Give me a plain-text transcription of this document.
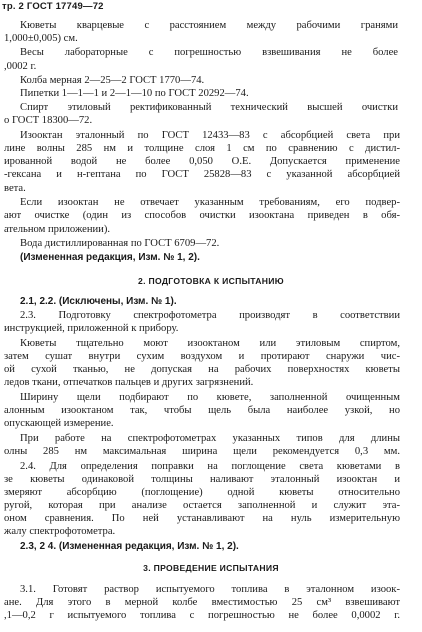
тр. 2 ГОСТ 17749—72
Кюветы кварцевые с расстоянием между рабочими гранями
1,000±0,005) см.
Весы лабораторные с погрешностью взвешивания не более
,0002 г.
Колба мерная 2—25—2 ГОСТ 1770—74.
Пипетки 1—1—1 и 2—1—10 по ГОСТ 20292—74.
Спирт этиловый ректификованный технический высшей очистки
о ГОСТ 18300—72.
Изооктан эталонный по ГОСТ 12433—83 с абсорбцией света при
лине волны 285 нм и толщине слоя 1 см по сравнению с дистил-
ированной водой не более 0,050 О.Е. Допускается применение
-гексана и н-гептана по ГОСТ 25828—83 с указанной абсорбцией
вета.
Если изооктан не отвечает указанным требованиям, его подвер-
ают очистке (один из способов очистки изооктана приведен в обя-
ательном приложении).
Вода дистиллированная по ГОСТ 6709—72.
(Измененная редакция, Изм. № 1, 2).
2. ПОДГОТОВКА К ИСПЫТАНИЮ
2.1, 2.2. (Исключены, Изм. № 1).
2.3. Подготовку спектрофотометра производят в соответствии
инструкцией, приложенной к прибору.
Кюветы тщательно моют изооктаном или этиловым спиртом,
затем сушат внутри сухим воздухом и протирают снаружи чис-
ой сухой тканью, не допуская на рабочих поверхностях кюветы
ледов ткани, отпечатков пальцев и других загрязнений.
Ширину щели подбирают по кювете, заполненной очищенным
алонным изооктаном так, чтобы щель была наиболее узкой, но
опускающей измерение.
При работе на спектрофотометрах указанных типов для длины
олны 285 нм максимальная ширина щели рекомендуется 0,3 мм.
2.4. Для определения поправки на поглощение света кюветами в
зе кюветы одинаковой толщины наливают эталонный изооктан и
змеряют абсорбцию (поглощение) одной кюветы относительно
ругой, которая при анализе остается заполненной и служит эта-
оном сравнения. По ней устанавливают на нуль измерительную
жалу спектрофотометра.
2.3, 2 4. (Измененная редакция, Изм. № 1, 2).
3. ПРОВЕДЕНИЕ ИСПЫТАНИЯ
3.1. Готовят раствор испытуемого топлива в эталонном изоок-
ане. Для этого в мерной колбе вместимостью 25 см³ взвешивают
,1—0,2 г испытуемого топлива с погрешностью не более 0,0002 г.
